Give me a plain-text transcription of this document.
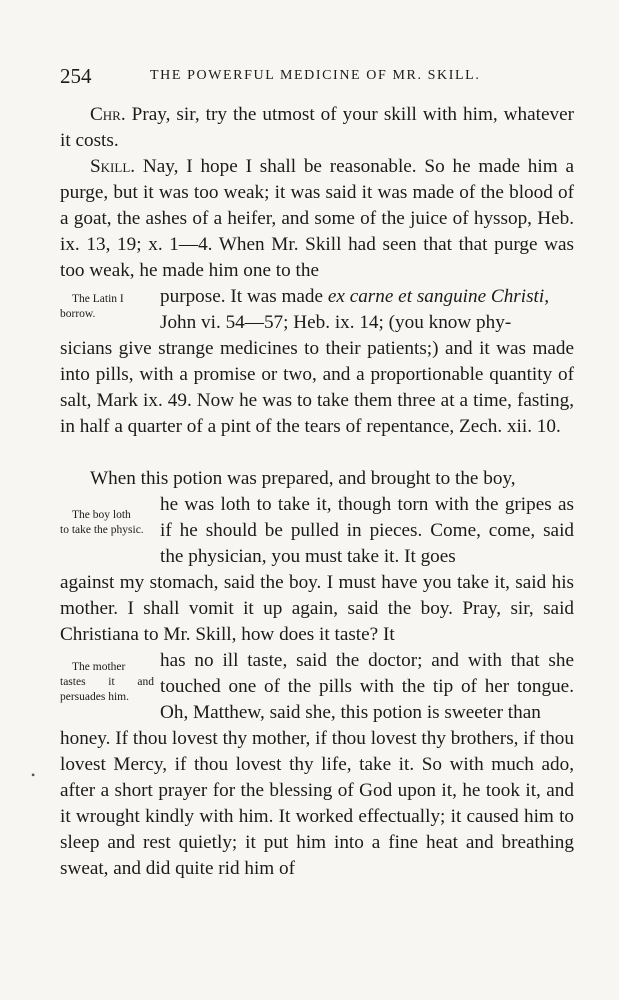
254	THE POWERFUL MEDICINE OF MR. SKILL.

Chr. Pray, sir, try the utmost of your skill with him, whatever it costs.

Skill. Nay, I hope I shall be reasonable. So he made him a purge, but it was too weak; it was said it was made of the blood of a goat, the ashes of a heifer, and some of the juice of hyssop, Heb. ix. 13, 19; x. 1—4. When Mr. Skill had seen that that purge was too weak, he made him one to the

purpose. It was made ex carne et sanguine Christi,

John vi. 54—57; Heb. ix. 14; (you know phy-

sicians give strange medicines to their patients;) and it was made into pills, with a promise or two, and a proportionable quantity of salt, Mark ix. 49. Now he was to take them three at a time, fasting, in half a quarter of a pint of the tears of repentance, Zech. xii. 10.

When this potion was prepared, and brought to the boy,

he was loth to take it, though torn with the gripes as if he should be pulled in pieces. Come, come, said the physician, you must take it. It goes

against my stomach, said the boy. I must have you take it, said his mother. I shall vomit it up again, said the boy. Pray, sir, said Christiana to Mr. Skill, how does it taste? It

has no ill taste, said the doctor; and with that she touched one of the pills with the tip of her tongue. Oh, Matthew, said she, this potion is sweeter than

honey. If thou lovest thy mother, if thou lovest thy brothers, if thou lovest Mercy, if thou lovest thy life, take it. So with much ado, after a short prayer for the blessing of God upon it, he took it, and it wrought kindly with him. It worked effectually; it caused him to sleep and rest quietly; it put him into a fine heat and breathing sweat, and did quite rid him of

The Latin I
borrow.
The boy loth
to take the physic.
The mother
tastes it and persuades him.
•
